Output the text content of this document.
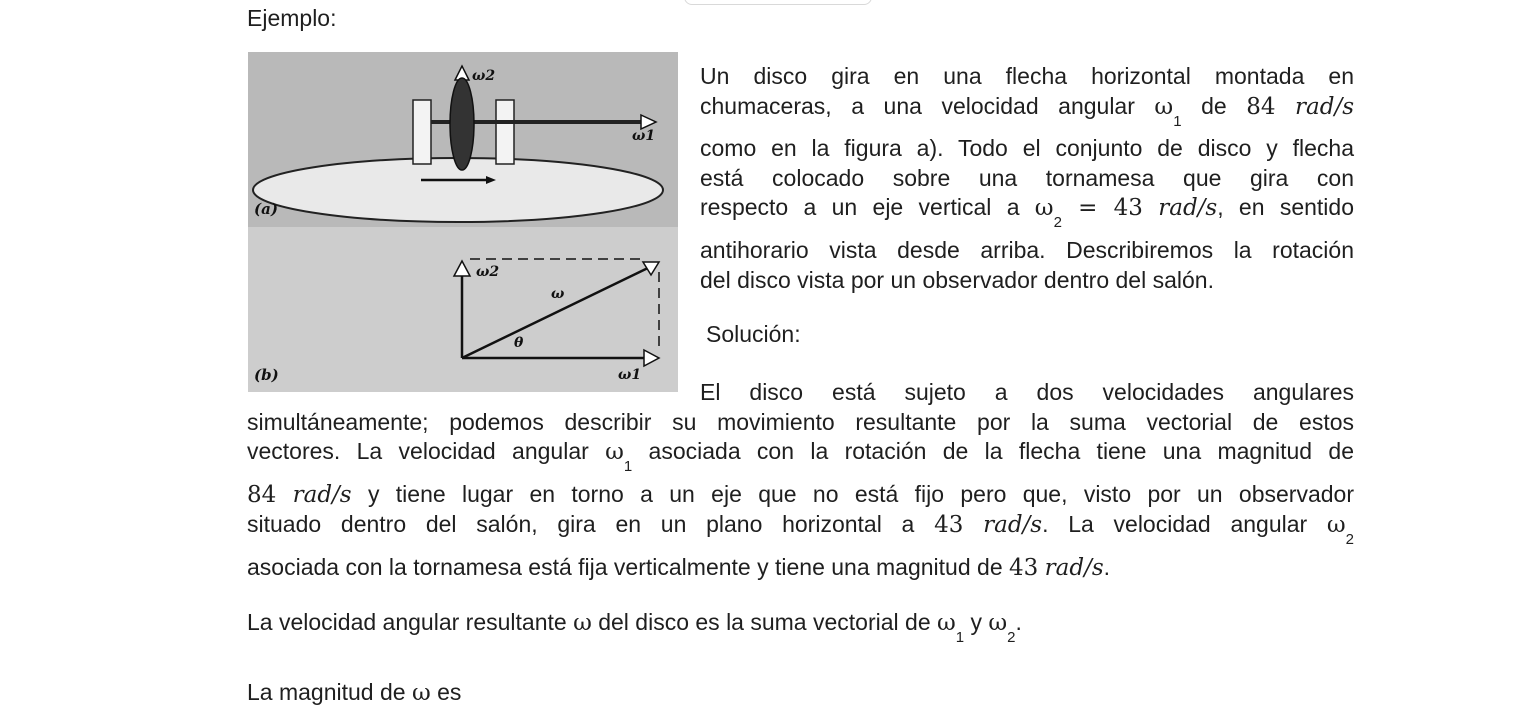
Ejemplo:
ω2
ω1
(a)
ω2
ω
θ
ω1
(b)
Un disco gira en una flecha horizontal montada en
chumaceras, a una velocidad angular $\omega_1$ de 84 rad/s
como en la figura a). Todo el conjunto de disco y flecha
está colocado sobre una tornamesa que gira con
respecto a un eje vertical a $\omega_2 = 43$ rad/s, en sentido
antihorario vista desde arriba. Describiremos la rotación
del disco vista por un observador dentro del salón.
Solución:
El disco está sujeto a dos velocidades angulares
simultáneamente; podemos describir su movimiento resultante por la suma vectorial de estos
vectores. La velocidad angular $\omega_1$ asociada con la rotación de la flecha tiene una magnitud de
84 rad/s y tiene lugar en torno a un eje que no está fijo pero que, visto por un observador
situado dentro del salón, gira en un plano horizontal a 43 rad/s. La velocidad angular $\omega_2$
asociada con la tornamesa está fija verticalmente y tiene una magnitud de 43 rad/s.
La velocidad angular resultante ω del disco es la suma vectorial de $\omega_1$ y $\omega_2$.
La magnitud de ω es
